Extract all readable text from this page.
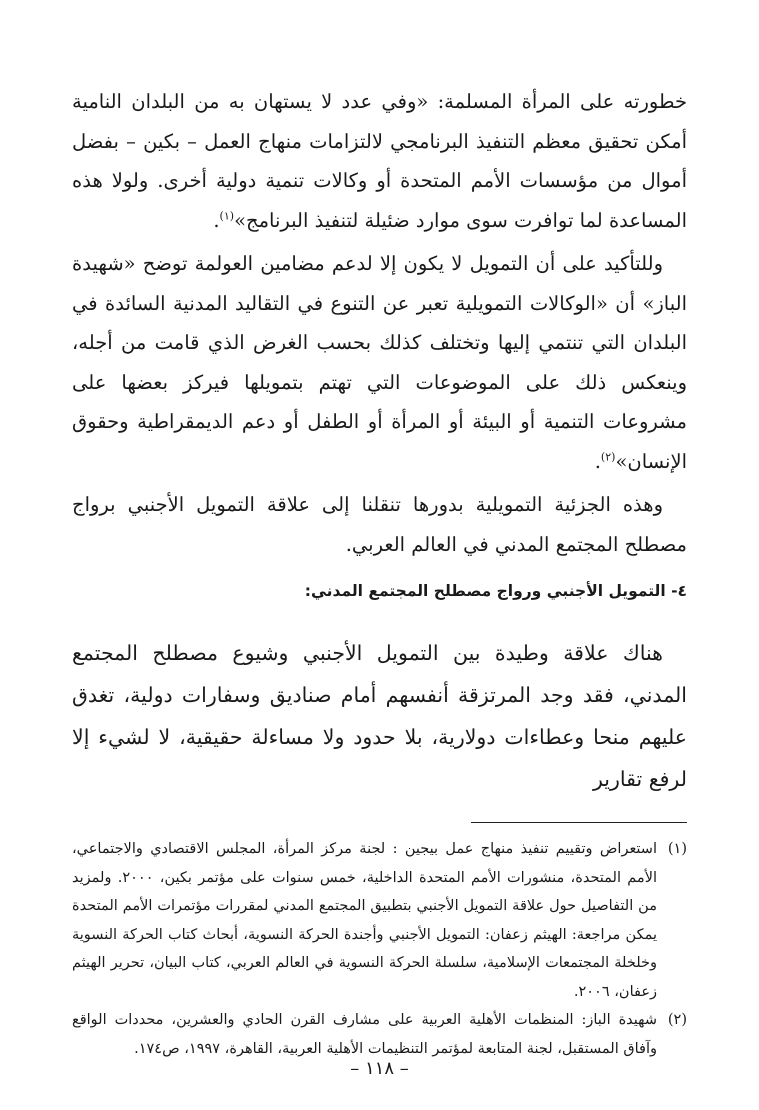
خطورته على المرأة المسلمة: «وفي عدد لا يستهان به من البلدان النامية أمكن تحقيق معظم التنفيذ البرنامجي لالتزامات منهاج العمل – بكين – بفضل أموال من مؤسسات الأمم المتحدة أو وكالات تنمية دولية أخرى. ولولا هذه المساعدة لما توافرت سوى موارد ضئيلة لتنفيذ البرنامج»$^{(١)}$.

وللتأكيد على أن التمويل لا يكون إلا لدعم مضامين العولمة توضح «شهيدة الباز» أن «الوكالات التمويلية تعبر عن التنوع في التقاليد المدنية السائدة في البلدان التي تنتمي إليها وتختلف كذلك بحسب الغرض الذي قامت من أجله، وينعكس ذلك على الموضوعات التي تهتم بتمويلها فيركز بعضها على مشروعات التنمية أو البيئة أو المرأة أو الطفل أو دعم الديمقراطية وحقوق الإنسان»$^{(٢)}$.

وهذه الجزئية التمويلية بدورها تنقلنا إلى علاقة التمويل الأجنبي برواج مصطلح المجتمع المدني في العالم العربي.

٤- التمويل الأجنبي ورواج مصطلح المجتمع المدني:

هناك علاقة وطيدة بين التمويل الأجنبي وشيوع مصطلح المجتمع المدني، فقد وجد المرتزقة أنفسهم أمام صناديق وسفارات دولية، تغدق عليهم منحا وعطاءات دولارية، بلا حدود ولا مساءلة حقيقية، لا لشيء إلا لرفع تقارير

(١)
استعراض وتقييم تنفيذ منهاج عمل بيجين : لجنة مركز المرأة، المجلس الاقتصادي والاجتماعي، الأمم المتحدة، منشورات الأمم المتحدة الداخلية، خمس سنوات على مؤتمر بكين، ٢٠٠٠. ولمزيد من التفاصيل حول علاقة التمويل الأجنبي بتطبيق المجتمع المدني لمقررات مؤتمرات الأمم المتحدة يمكن مراجعة: الهيثم زعفان: التمويل الأجنبي وأجندة الحركة النسوية، أبحاث كتاب الحركة النسوية وخلخلة المجتمعات الإسلامية، سلسلة الحركة النسوية في العالم العربي، كتاب البيان، تحرير الهيثم زعفان، ٢٠٠٦.
(٢)
شهيدة الباز: المنظمات الأهلية العربية على مشارف القرن الحادي والعشرين، محددات الواقع وآفاق المستقبل، لجنة المتابعة لمؤتمر التنظيمات الأهلية العربية، القاهرة، ١٩٩٧، ص١٧٤.
– ١١٨ –
